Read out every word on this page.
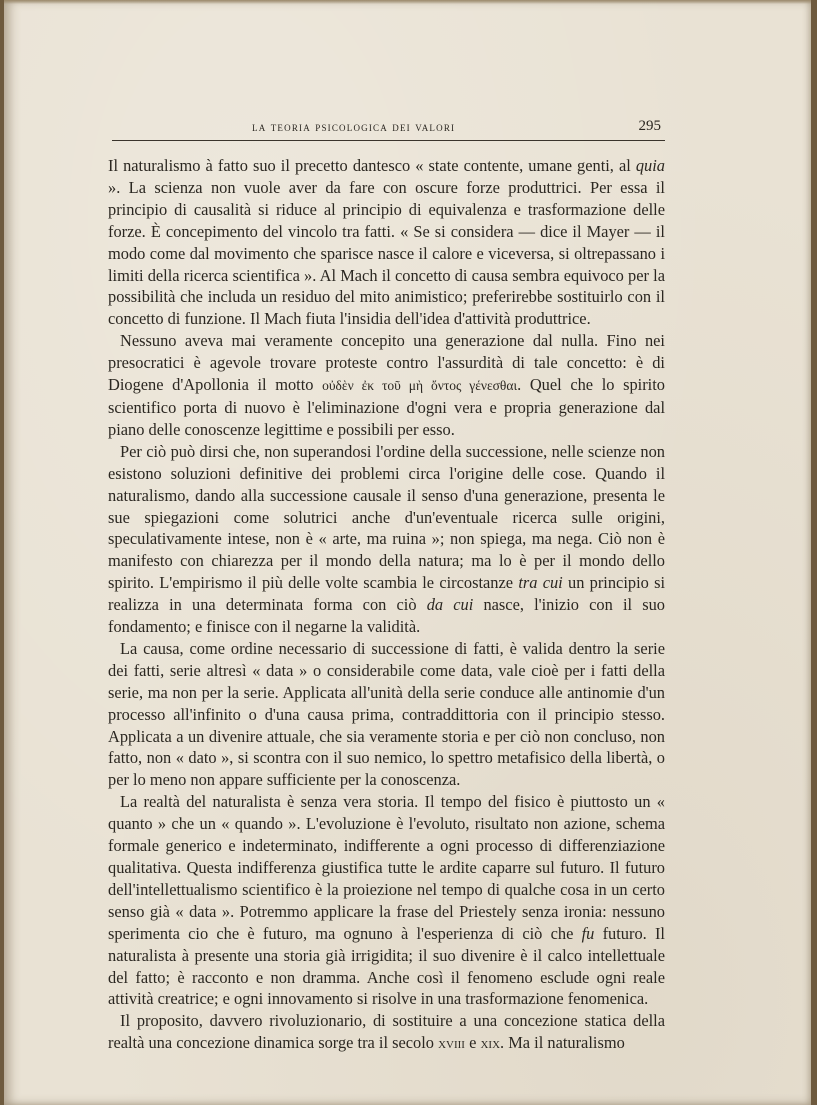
la teoria psicologica dei valori	295

Il naturalismo à fatto suo il precetto dantesco « state contente, umane genti, al quia ». La scienza non vuole aver da fare con oscure forze produttrici. Per essa il principio di causalità si riduce al principio di equivalenza e trasformazione delle forze. È concepimento del vincolo tra fatti. « Se si considera — dice il Mayer — il modo come dal movimento che sparisce nasce il calore e viceversa, si oltrepassano i limiti della ricerca scientifica ». Al Mach il concetto di causa sembra equivoco per la possibilità che includa un residuo del mito animistico; preferirebbe sostituirlo con il concetto di funzione. Il Mach fiuta l'insidia dell'idea d'attività produttrice.

Nessuno aveva mai veramente concepito una generazione dal nulla. Fino nei presocratici è agevole trovare proteste contro l'assurdità di tale concetto: è di Diogene d'Apollonia il motto οὐδὲν ἐκ τοῦ μὴ ὄντος γένεσθαι. Quel che lo spirito scientifico porta di nuovo è l'eliminazione d'ogni vera e propria generazione dal piano delle conoscenze legittime e possibili per esso.

Per ciò può dirsi che, non superandosi l'ordine della successione, nelle scienze non esistono soluzioni definitive dei problemi circa l'origine delle cose. Quando il naturalismo, dando alla successione causale il senso d'una generazione, presenta le sue spiegazioni come solutrici anche d'un'eventuale ricerca sulle origini, speculativamente intese, non è « arte, ma ruina »; non spiega, ma nega. Ciò non è manifesto con chiarezza per il mondo della natura; ma lo è per il mondo dello spirito. L'empirismo il più delle volte scambia le circostanze tra cui un principio si realizza in una determinata forma con ciò da cui nasce, l'inizio con il suo fondamento; e finisce con il negarne la validità.

La causa, come ordine necessario di successione di fatti, è valida dentro la serie dei fatti, serie altresì « data » o considerabile come data, vale cioè per i fatti della serie, ma non per la serie. Applicata all'unità della serie conduce alle antinomie d'un processo all'infinito o d'una causa prima, contraddittoria con il principio stesso. Applicata a un divenire attuale, che sia veramente storia e per ciò non concluso, non fatto, non « dato », si scontra con il suo nemico, lo spettro metafisico della libertà, o per lo meno non appare sufficiente per la conoscenza.

La realtà del naturalista è senza vera storia. Il tempo del fisico è piuttosto un « quanto » che un « quando ». L'evoluzione è l'evoluto, risultato non azione, schema formale generico e indeterminato, indifferente a ogni processo di differenziazione qualitativa. Questa indifferenza giustifica tutte le ardite caparre sul futuro. Il futuro dell'intellettualismo scientifico è la proiezione nel tempo di qualche cosa in un certo senso già « data ». Potremmo applicare la frase del Priestely senza ironia: nessuno sperimenta cio che è futuro, ma ognuno à l'esperienza di ciò che fu futuro. Il naturalista à presente una storia già irrigidita; il suo divenire è il calco intellettuale del fatto; è racconto e non dramma. Anche così il fenomeno esclude ogni reale attività creatrice; e ogni innovamento si risolve in una trasformazione fenomenica.

Il proposito, davvero rivoluzionario, di sostituire a una concezione statica della realtà una concezione dinamica sorge tra il secolo xviii e xix. Ma il naturalismo
